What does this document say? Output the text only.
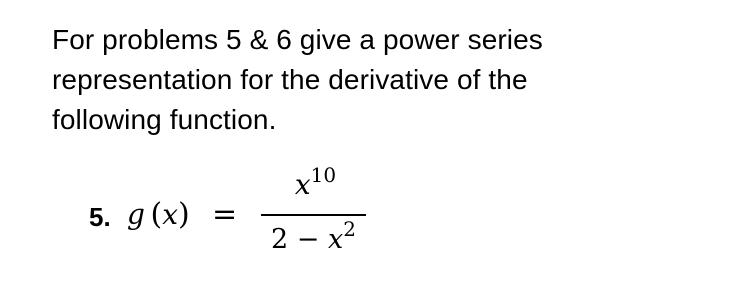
For problems 5 & 6 give a power series
representation for the derivative of the
following function.
5. g  (x) =
$x^{10}$
$2 - x^2$
